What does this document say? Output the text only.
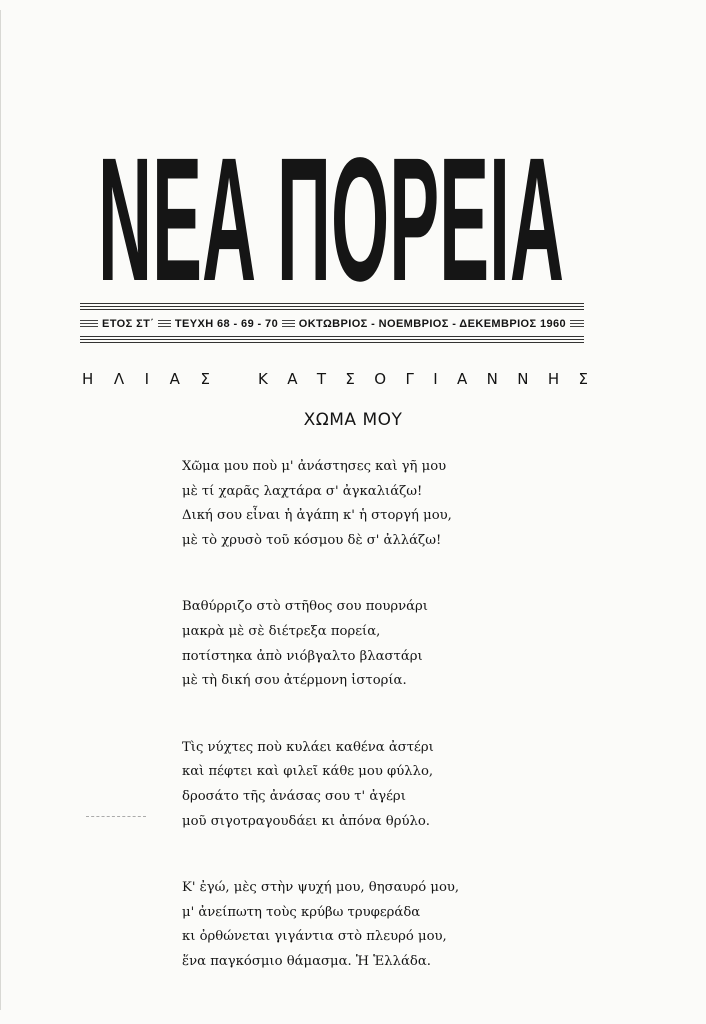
ΝΕΑ ΠΟΡΕΙΑ
ΕΤΟΣ ΣΤ΄ ΤΕΥΧΗ 68 - 69 - 70 ΟΚΤΩΒΡΙΟΣ - ΝΟΕΜΒΡΙΟΣ - ΔΕΚΕΜΒΡΙΟΣ 1960
Η Λ Ι Α Σ	Κ Α Τ Σ Ο Γ Ι Α Ν Ν Η Σ
ΧΩΜΑ ΜΟΥ
Χῶμα μου ποὺ μ' ἀνάστησες καὶ γῆ μου
μὲ τί χαρᾶς λαχτάρα σ' ἀγκαλιάζω!
Δική σου εἶναι ἡ ἀγάπη κ' ἡ στοργή μου,
μὲ τὸ χρυσὸ τοῦ κόσμου δὲ σ' ἀλλάζω!
Βαθύρριζο στὸ στῆθος σου πουρνάρι
μακρὰ μὲ σὲ διέτρεξα πορεία,
ποτίστηκα ἀπὸ νιόβγαλτο βλαστάρι
μὲ τὴ δική σου ἀτέρμονη ἱστορία.
Τὶς νύχτες ποὺ κυλάει καθένα ἀστέρι
καὶ πέφτει καὶ φιλεῖ κάθε μου φύλλο,
δροσάτο τῆς ἀνάσας σου τ' ἀγέρι
μοῦ σιγοτραγουδάει κι ἀπόνα θρύλο.
Κ' ἐγώ, μὲς στὴν ψυχή μου, θησαυρό μου,
μ' ἀνείπωτη τοὺς κρύβω τρυφεράδα
κι ὀρθώνεται γιγάντια στὸ πλευρό μου,
ἕνα παγκόσμιο θάμασμα. Ἡ Ἑλλάδα.
